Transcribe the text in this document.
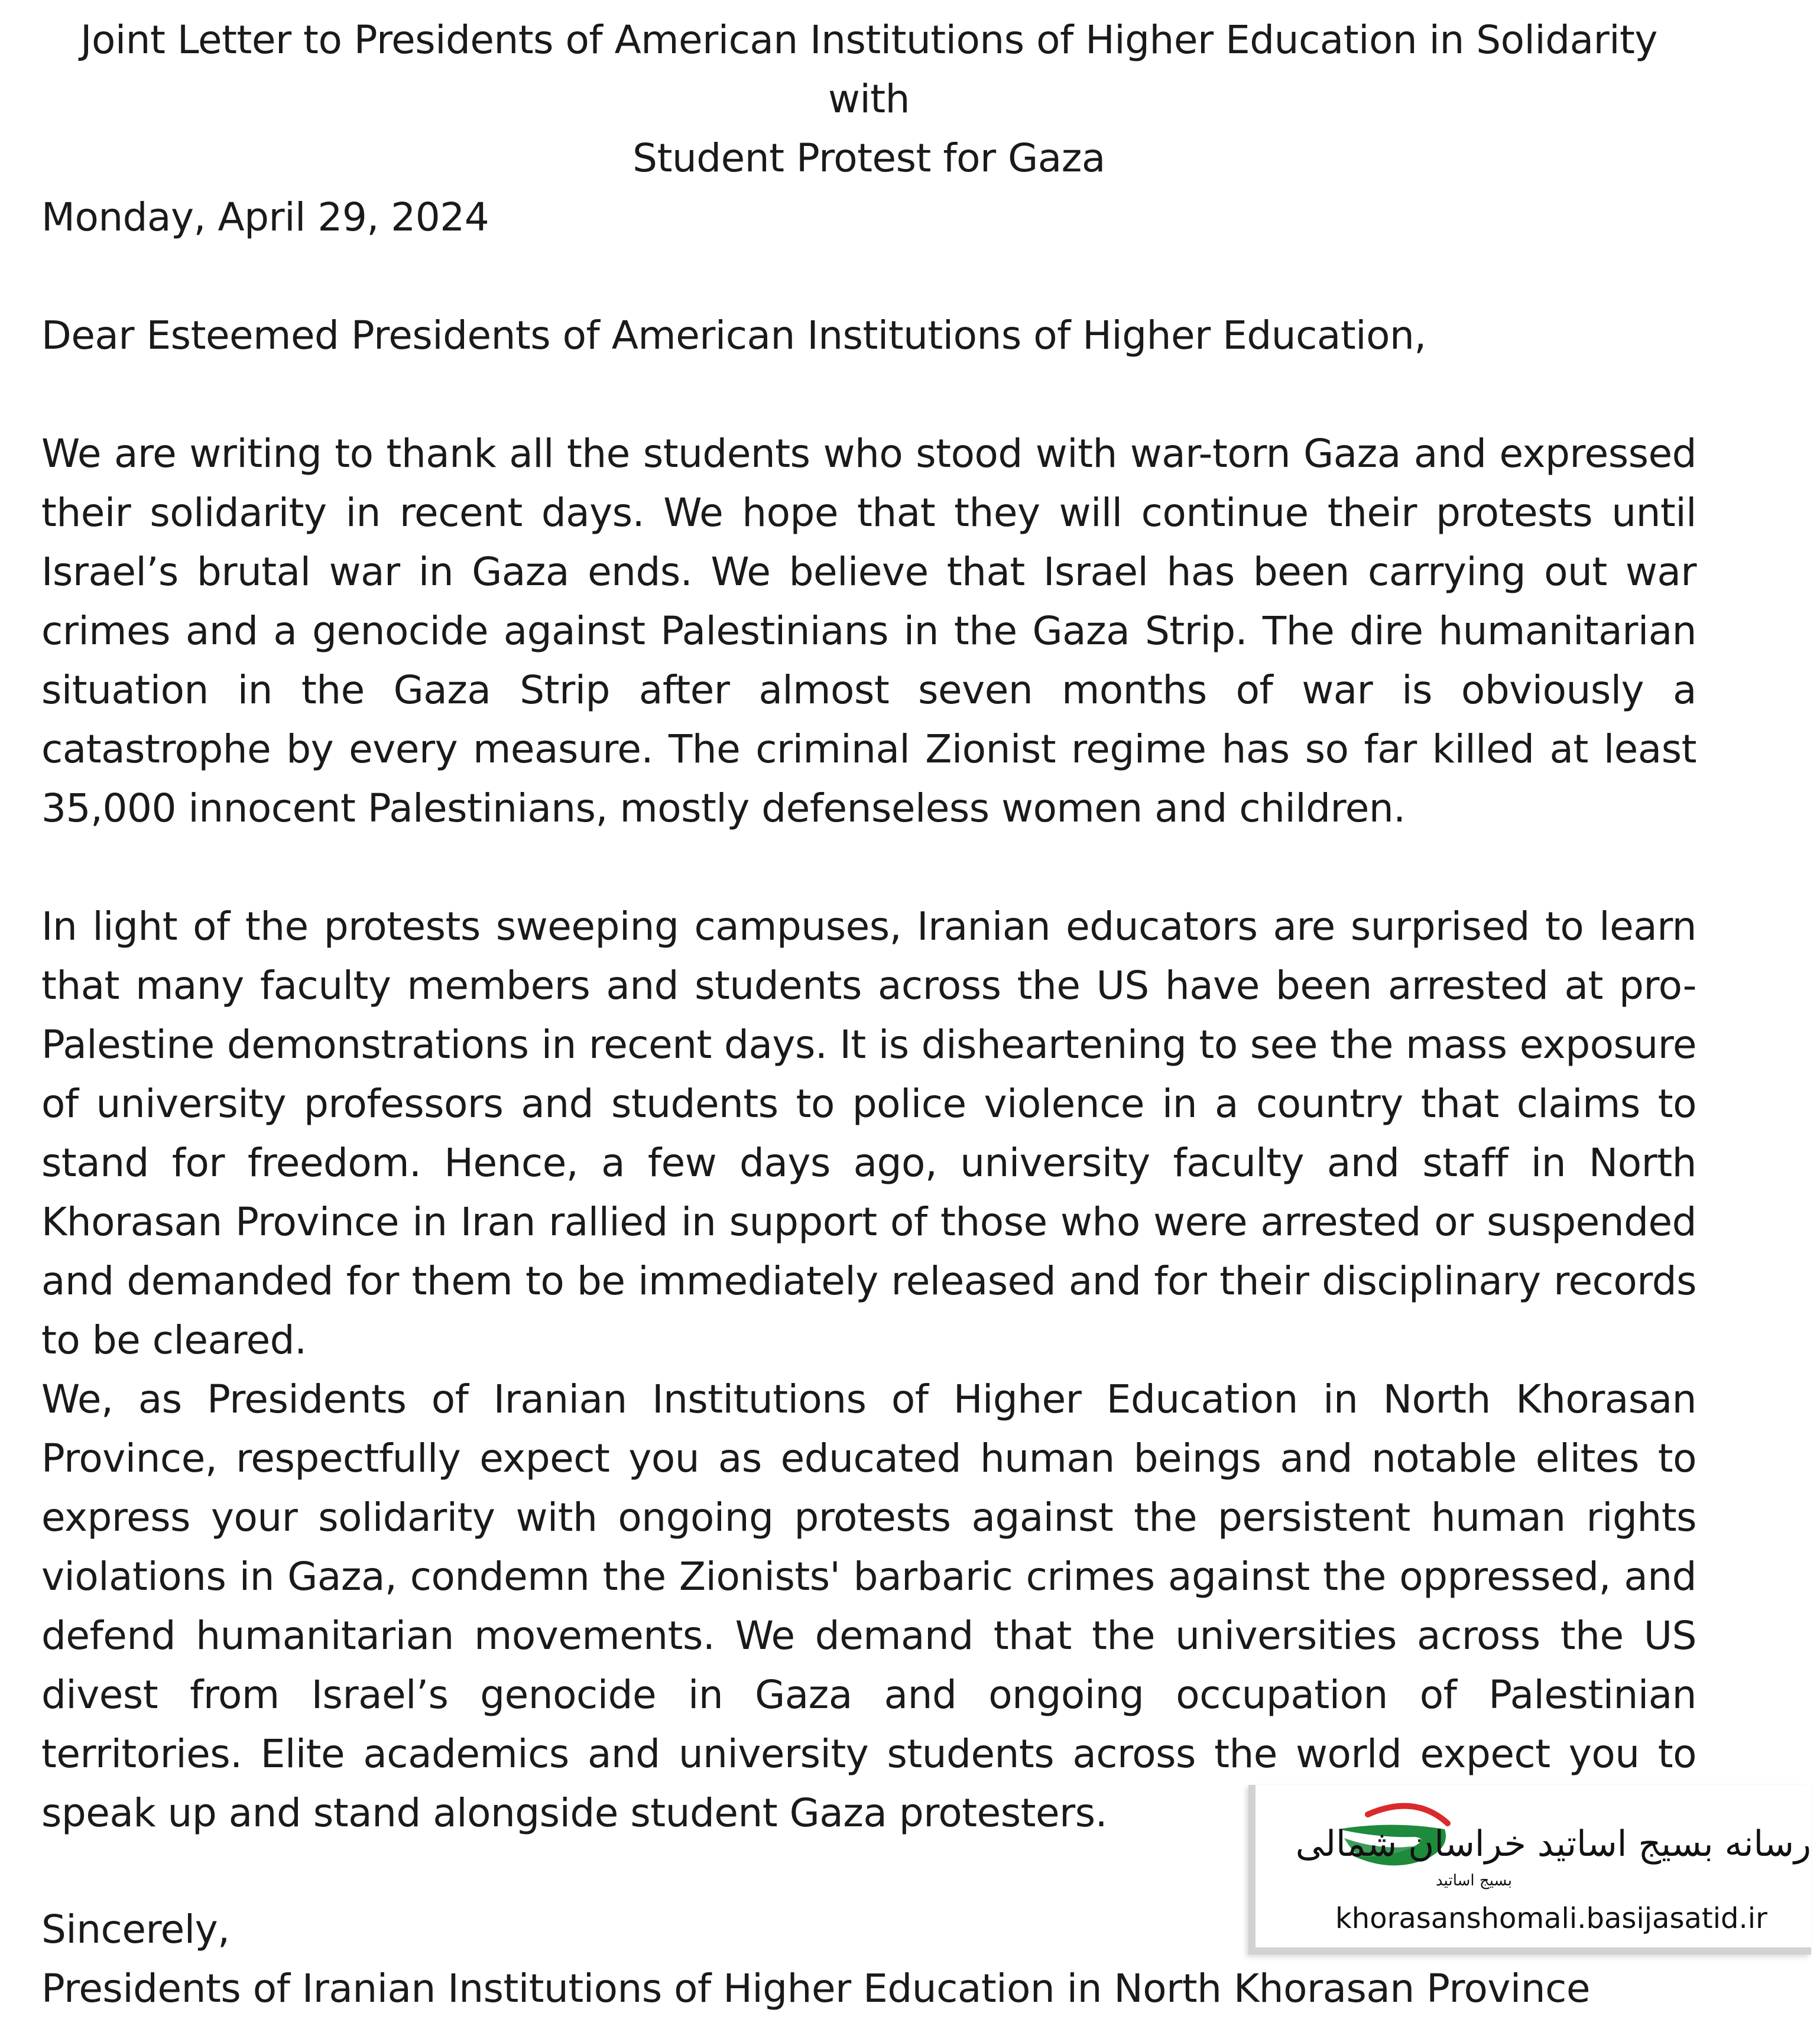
Joint Letter to Presidents of American Institutions of Higher Education in Solidarity with
Student Protest for Gaza
Monday, April 29, 2024
Dear Esteemed Presidents of American Institutions of Higher Education,
We are writing to thank all the students who stood with war-torn Gaza and expressed their solidarity in recent days. We hope that they will continue their protests until Israel’s brutal war in Gaza ends. We believe that Israel has been carrying out war crimes and a genocide against Palestinians in the Gaza Strip. The dire humanitarian situation in the Gaza Strip after almost seven months of war is obviously a catastrophe by every measure. The criminal Zionist regime has so far killed at least 35,000 innocent Palestinians, mostly defenseless women and children.
In light of the protests sweeping campuses, Iranian educators are surprised to learn that many faculty members and students across the US have been arrested at pro-Palestine demonstrations in recent days. It is disheartening to see the mass exposure of university professors and students to police violence in a country that claims to stand for freedom. Hence, a few days ago, university faculty and staff in North Khorasan Province in Iran rallied in support of those who were arrested or suspended and demanded for them to be immediately released and for their disciplinary records to be cleared.
We, as Presidents of Iranian Institutions of Higher Education in North Khorasan Province, respectfully expect you as educated human beings and notable elites to express your solidarity with ongoing protests against the persistent human rights violations in Gaza, condemn the Zionists' barbaric crimes against the oppressed, and defend humanitarian movements. We demand that the universities across the US divest from Israel’s genocide in Gaza and ongoing occupation of Palestinian territories. Elite academics and university students across the world expect you to speak up and stand alongside student Gaza protesters.
Sincerely,
Presidents of Iranian Institutions of Higher Education in North Khorasan Province
بسیج اساتید
رسانه بسیج اساتید خراسان شمالی
khorasanshomali.basijasatid.ir
